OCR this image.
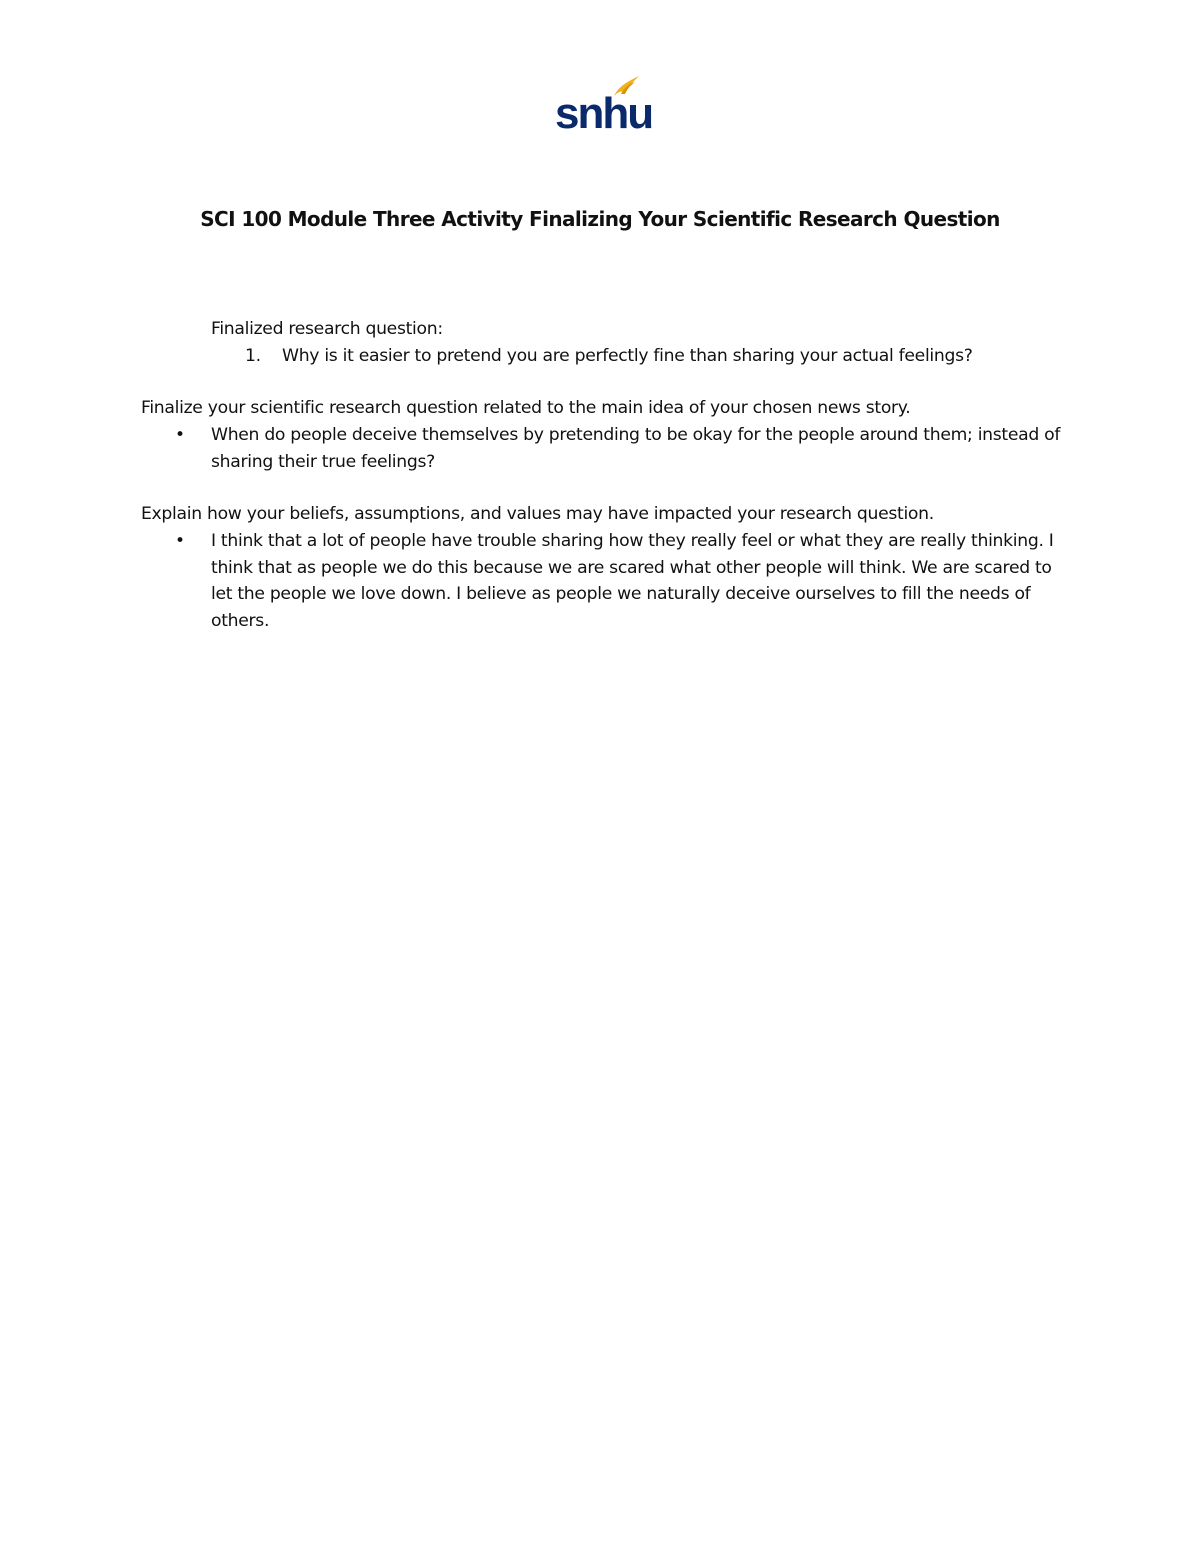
snhu
SCI 100 Module Three Activity Finalizing Your Scientific Research Question

Finalized research question:

1. Why is it easier to pretend you are perfectly fine than sharing your actual feelings?

Finalize your scientific research question related to the main idea of your chosen news story.

• When do people deceive themselves by pretending to be okay for the people around them; instead of sharing their true feelings?

Explain how your beliefs, assumptions, and values may have impacted your research question.

• I think that a lot of people have trouble sharing how they really feel or what they are really thinking. I think that as people we do this because we are scared what other people will think. We are scared to let the people we love down. I believe as people we naturally deceive ourselves to fill the needs of others.
